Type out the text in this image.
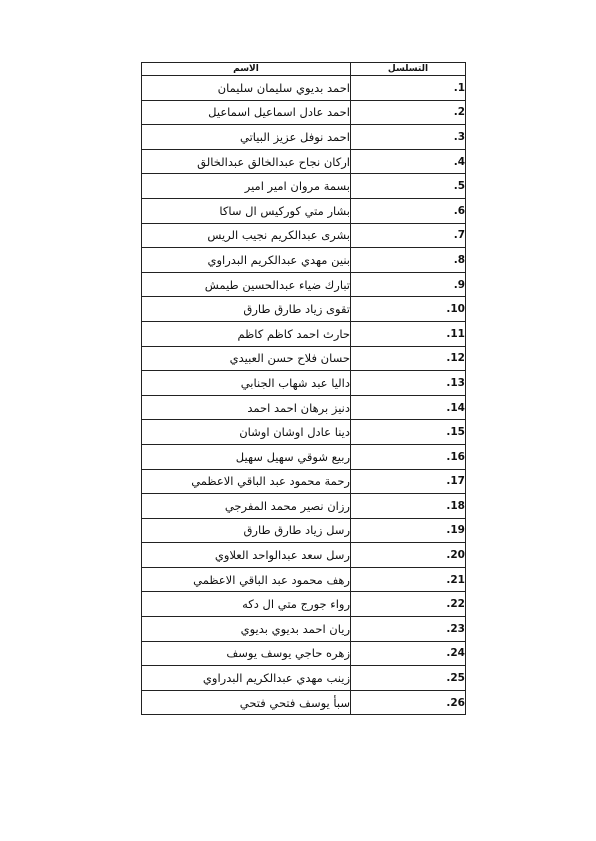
التسلسل	الاسم
1.	احمد بديوي سليمان سليمان
2.	احمد عادل اسماعيل اسماعيل
3.	احمد نوفل عزيز البياتي
4.	اركان نجاح عبدالخالق عبدالخالق
5.	بسمة مروان امير امير
6.	بشار متي كوركيس ال ساكا
7.	بشرى عبدالكريم نجيب الريس
8.	بنين مهدي عبدالكريم البدراوي
9.	تبارك ضياء عبدالحسين طيمش
10.	تقوى زياد طارق طارق
11.	حارث احمد كاظم كاظم
12.	حسان فلاح حسن العبيدي
13.	داليا عبد شهاب الجنابي
14.	دنيز برهان احمد احمد
15.	دينا عادل اوشان اوشان
16.	ربيع شوقي سهيل سهيل
17.	رحمة محمود عبد الباقي الاعظمي
18.	رزان نصير محمد المفرجي
19.	رسل زياد طارق طارق
20.	رسل سعد عبدالواحد العلاوي
21.	رهف محمود عبد الباقي الاعظمي
22.	رواء جورج متي ال دكه
23.	ريان احمد بديوي بديوي
24.	زهره حاجي يوسف يوسف
25.	زينب مهدي عبدالكريم البدراوي
26.	سبأ يوسف فتحي فتحي
